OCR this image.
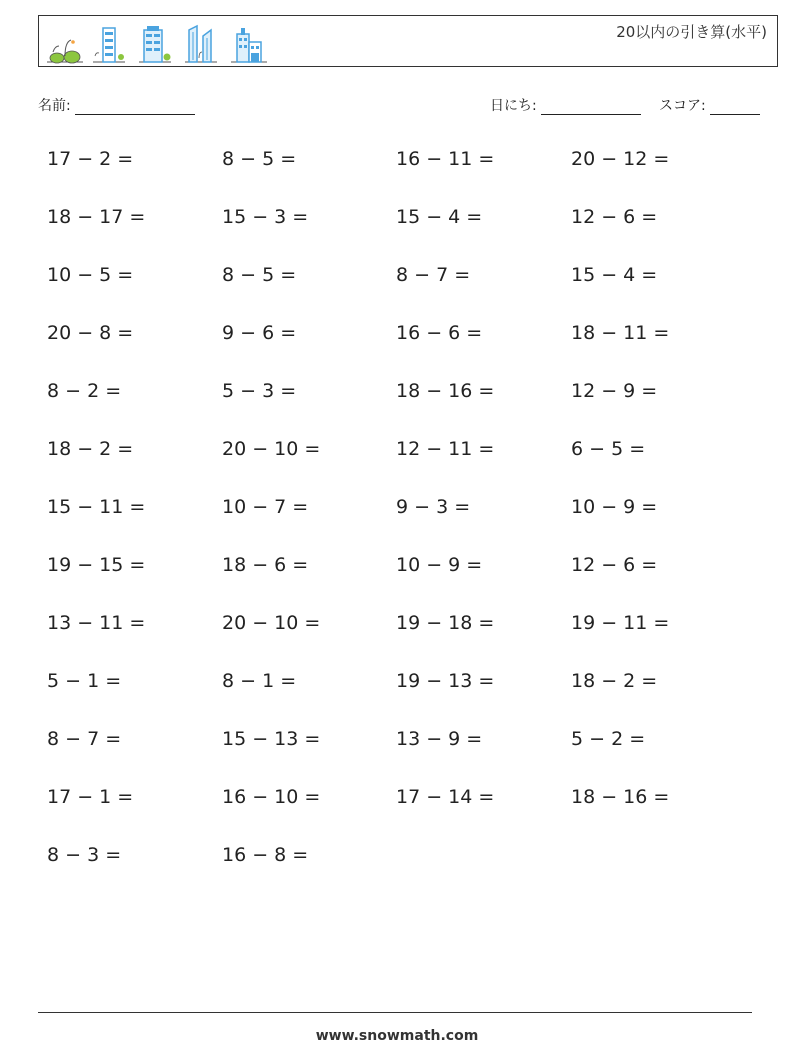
20以内の引き算(水平)
名前:	日にち:	スコア:
17 − 2 =	8 − 5 =	16 − 11 =	20 − 12 =
18 − 17 =	15 − 3 =	15 − 4 =	12 − 6 =
10 − 5 =	8 − 5 =	8 − 7 =	15 − 4 =
20 − 8 =	9 − 6 =	16 − 6 =	18 − 11 =
8 − 2 =	5 − 3 =	18 − 16 =	12 − 9 =
18 − 2 =	20 − 10 =	12 − 11 =	6 − 5 =
15 − 11 =	10 − 7 =	9 − 3 =	10 − 9 =
19 − 15 =	18 − 6 =	10 − 9 =	12 − 6 =
13 − 11 =	20 − 10 =	19 − 18 =	19 − 11 =
5 − 1 =	8 − 1 =	19 − 13 =	18 − 2 =
8 − 7 =	15 − 13 =	13 − 9 =	5 − 2 =
17 − 1 =	16 − 10 =	17 − 14 =	18 − 16 =
8 − 3 =	16 − 8 =
www.snowmath.com
